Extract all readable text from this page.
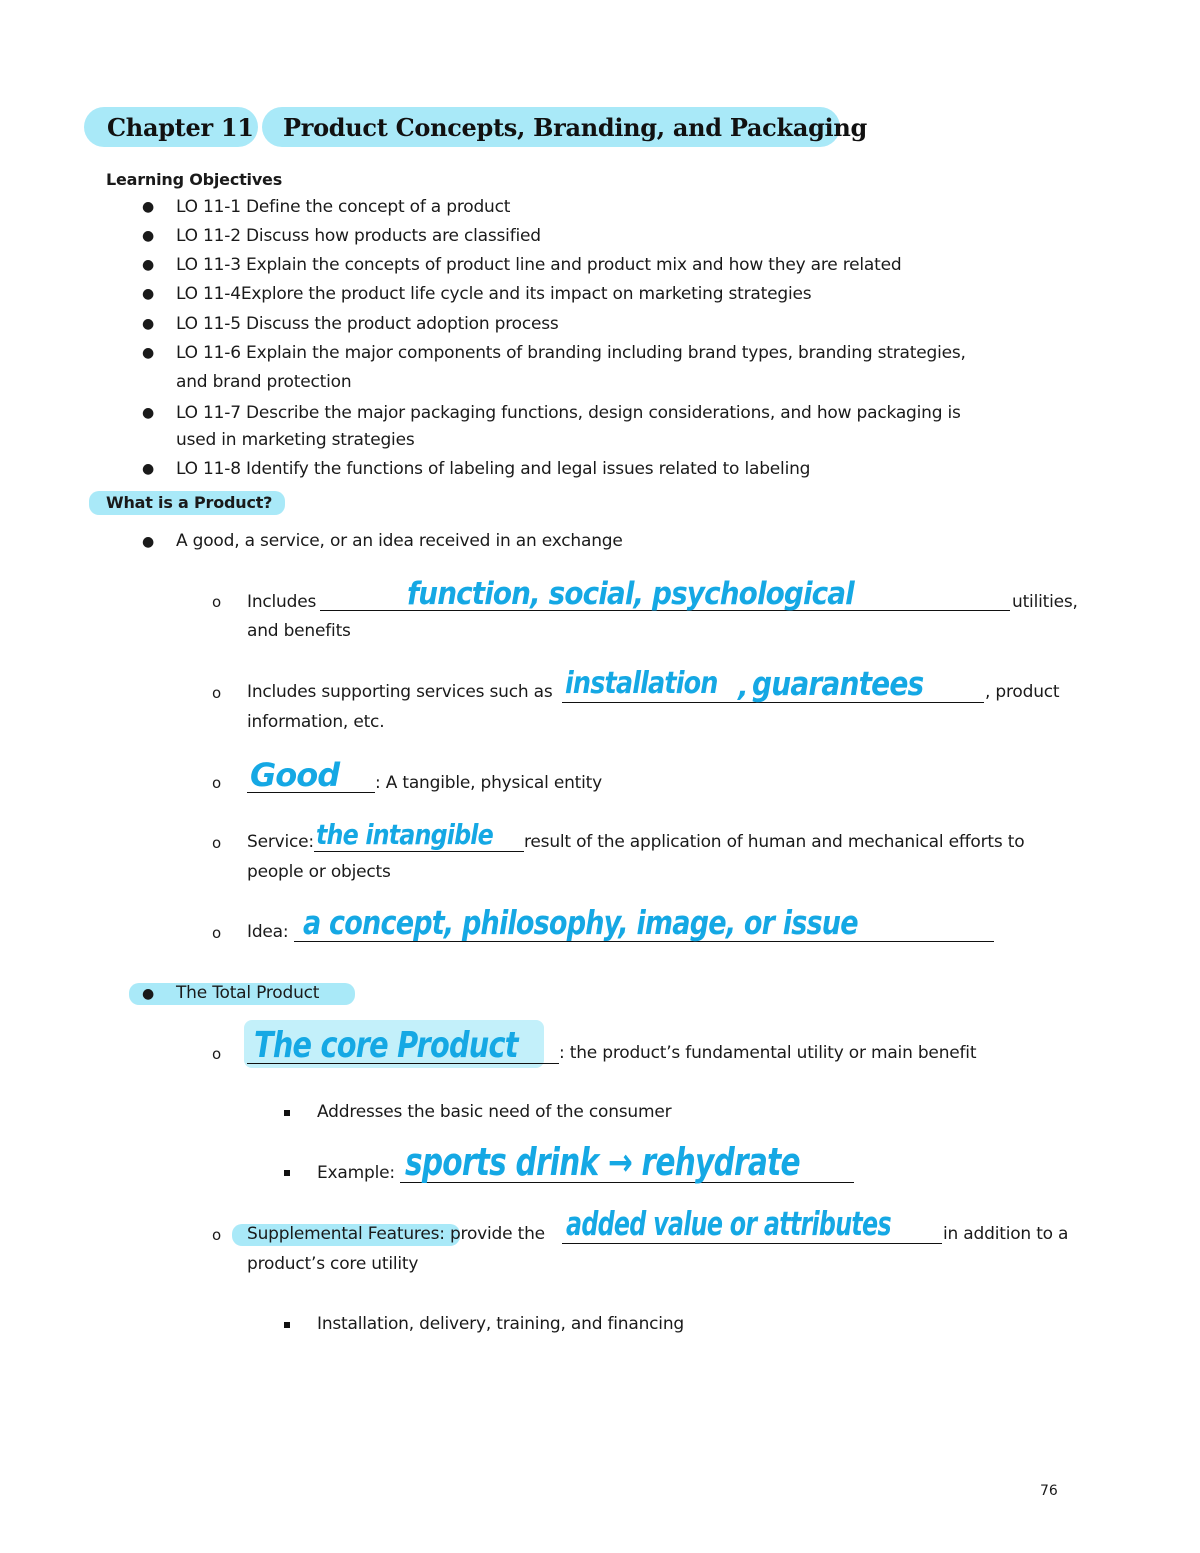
Chapter 11 Product Concepts, Branding, and Packaging
Learning Objectives
● LO 11-1 Define the concept of a product
● LO 11-2 Discuss how products are classified
● LO 11-3 Explain the concepts of product line and product mix and how they are related
● LO 11-4Explore the product life cycle and its impact on marketing strategies
● LO 11-5 Discuss the product adoption process
● LO 11-6 Explain the major components of branding including brand types, branding strategies,
and brand protection
● LO 11-7 Describe the major packaging functions, design considerations, and how packaging is
used in marketing strategies
● LO 11-8 Identify the functions of labeling and legal issues related to labeling
What is a Product?
● A good, a service, or an idea received in an exchange
o Includes	function, social, psychological	utilities,
and benefits
o Includes supporting services such as installation , guarantees	, product
information, etc.
o Good : A tangible, physical entity
o Service: the intangible result of the application of human and mechanical efforts to
people or objects
o Idea: a concept, philosophy, image, or issue
● The Total Product
o The core Product : the product’s fundamental utility or main benefit
Addresses the basic need of the consumer
Example: sports drink → rehydrate
o Supplemental Features: provide the added value or attributes	in addition to a
product’s core utility
Installation, delivery, training, and financing
76
